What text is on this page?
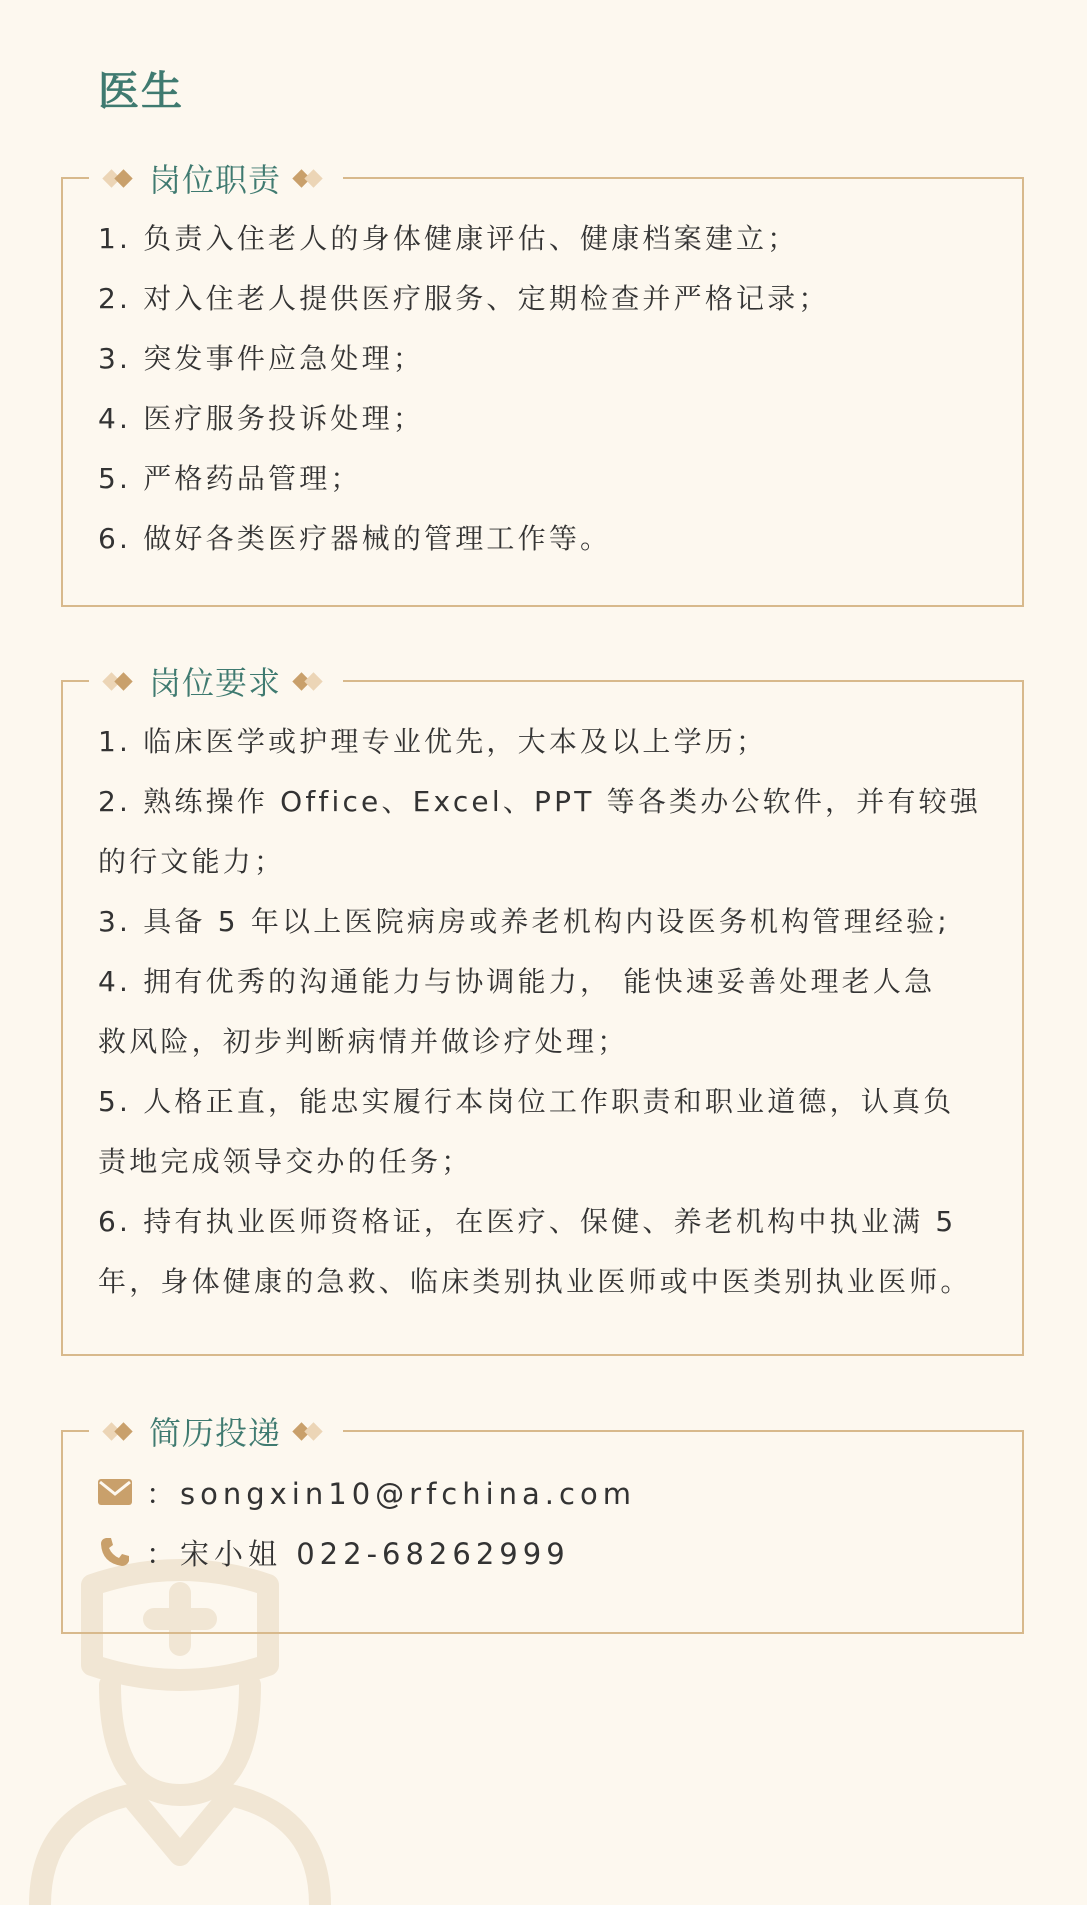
医生
岗位职责
1. 负责入住老人的身体健康评估、健康档案建立；
2. 对入住老人提供医疗服务、定期检查并严格记录；
3. 突发事件应急处理；
4. 医疗服务投诉处理；
5. 严格药品管理；
6. 做好各类医疗器械的管理工作等。
岗位要求
1. 临床医学或护理专业优先，大本及以上学历；
2. 熟练操作 Office、Excel、PPT 等各类办公软件，并有较强
的行文能力；
3. 具备 5 年以上医院病房或养老机构内设医务机构管理经验;
4. 拥有优秀的沟通能力与协调能力， 能快速妥善处理老人急
救风险，初步判断病情并做诊疗处理；
5. 人格正直，能忠实履行本岗位工作职责和职业道德，认真负
责地完成领导交办的任务；
6. 持有执业医师资格证，在医疗、保健、养老机构中执业满 5
年，身体健康的急救、临床类别执业医师或中医类别执业医师。
简历投递
：songxin10@rfchina.com
：宋小姐 022-68262999
